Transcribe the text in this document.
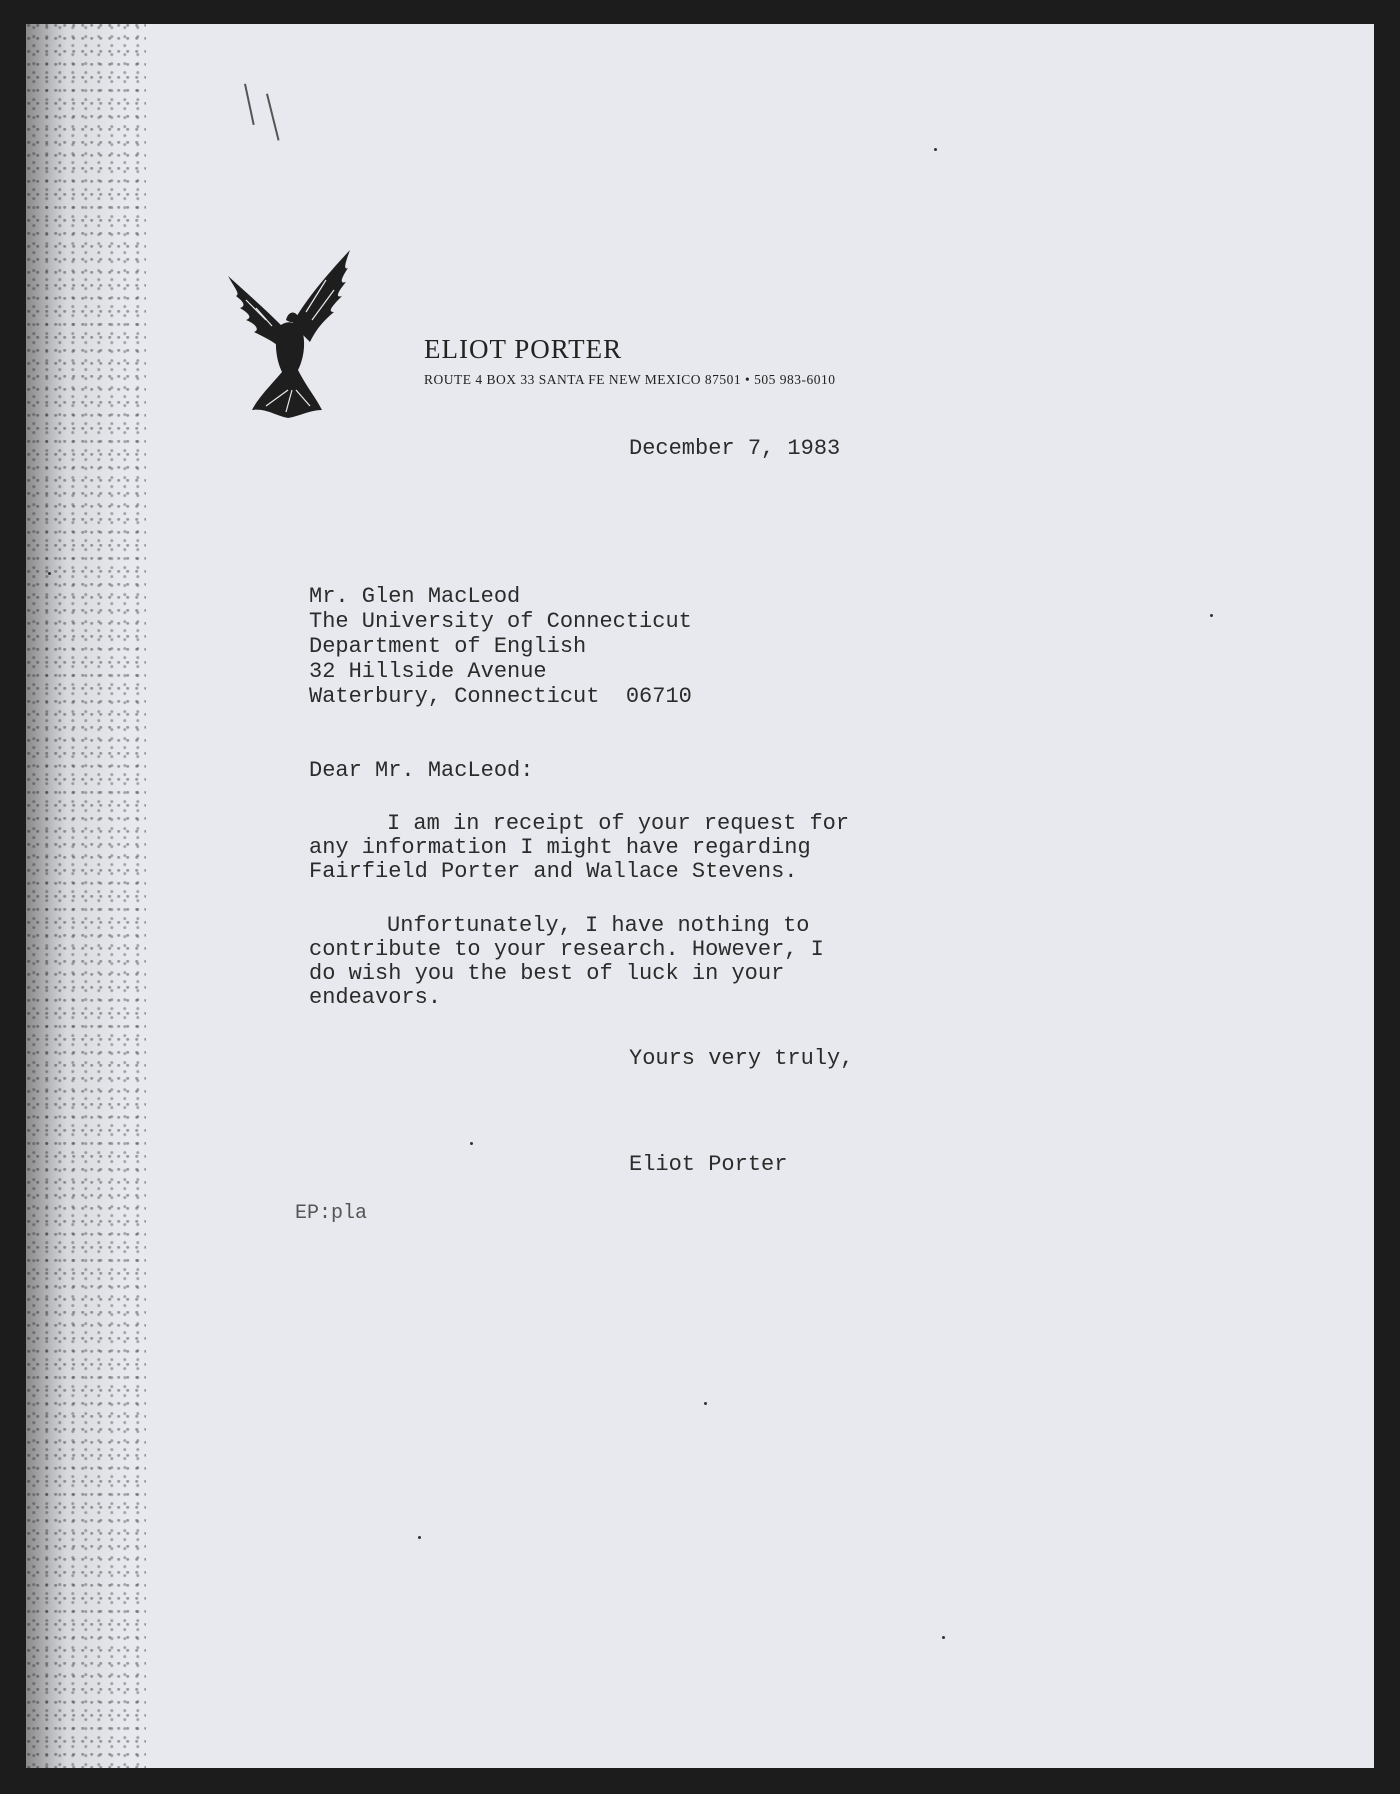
ELIOT PORTER
ROUTE 4 BOX 33 SANTA FE NEW MEXICO 87501 • 505 983-6010
December 7, 1983
Mr. Glen MacLeod
The University of Connecticut
Department of English
32 Hillside Avenue
Waterbury, Connecticut  06710
Dear Mr. MacLeod:
I am in receipt of your request for
any information I might have regarding
Fairfield Porter and Wallace Stevens.
Unfortunately, I have nothing to
contribute to your research. However, I
do wish you the best of luck in your
endeavors.
Yours very truly,
Eliot Porter
EP:pla
